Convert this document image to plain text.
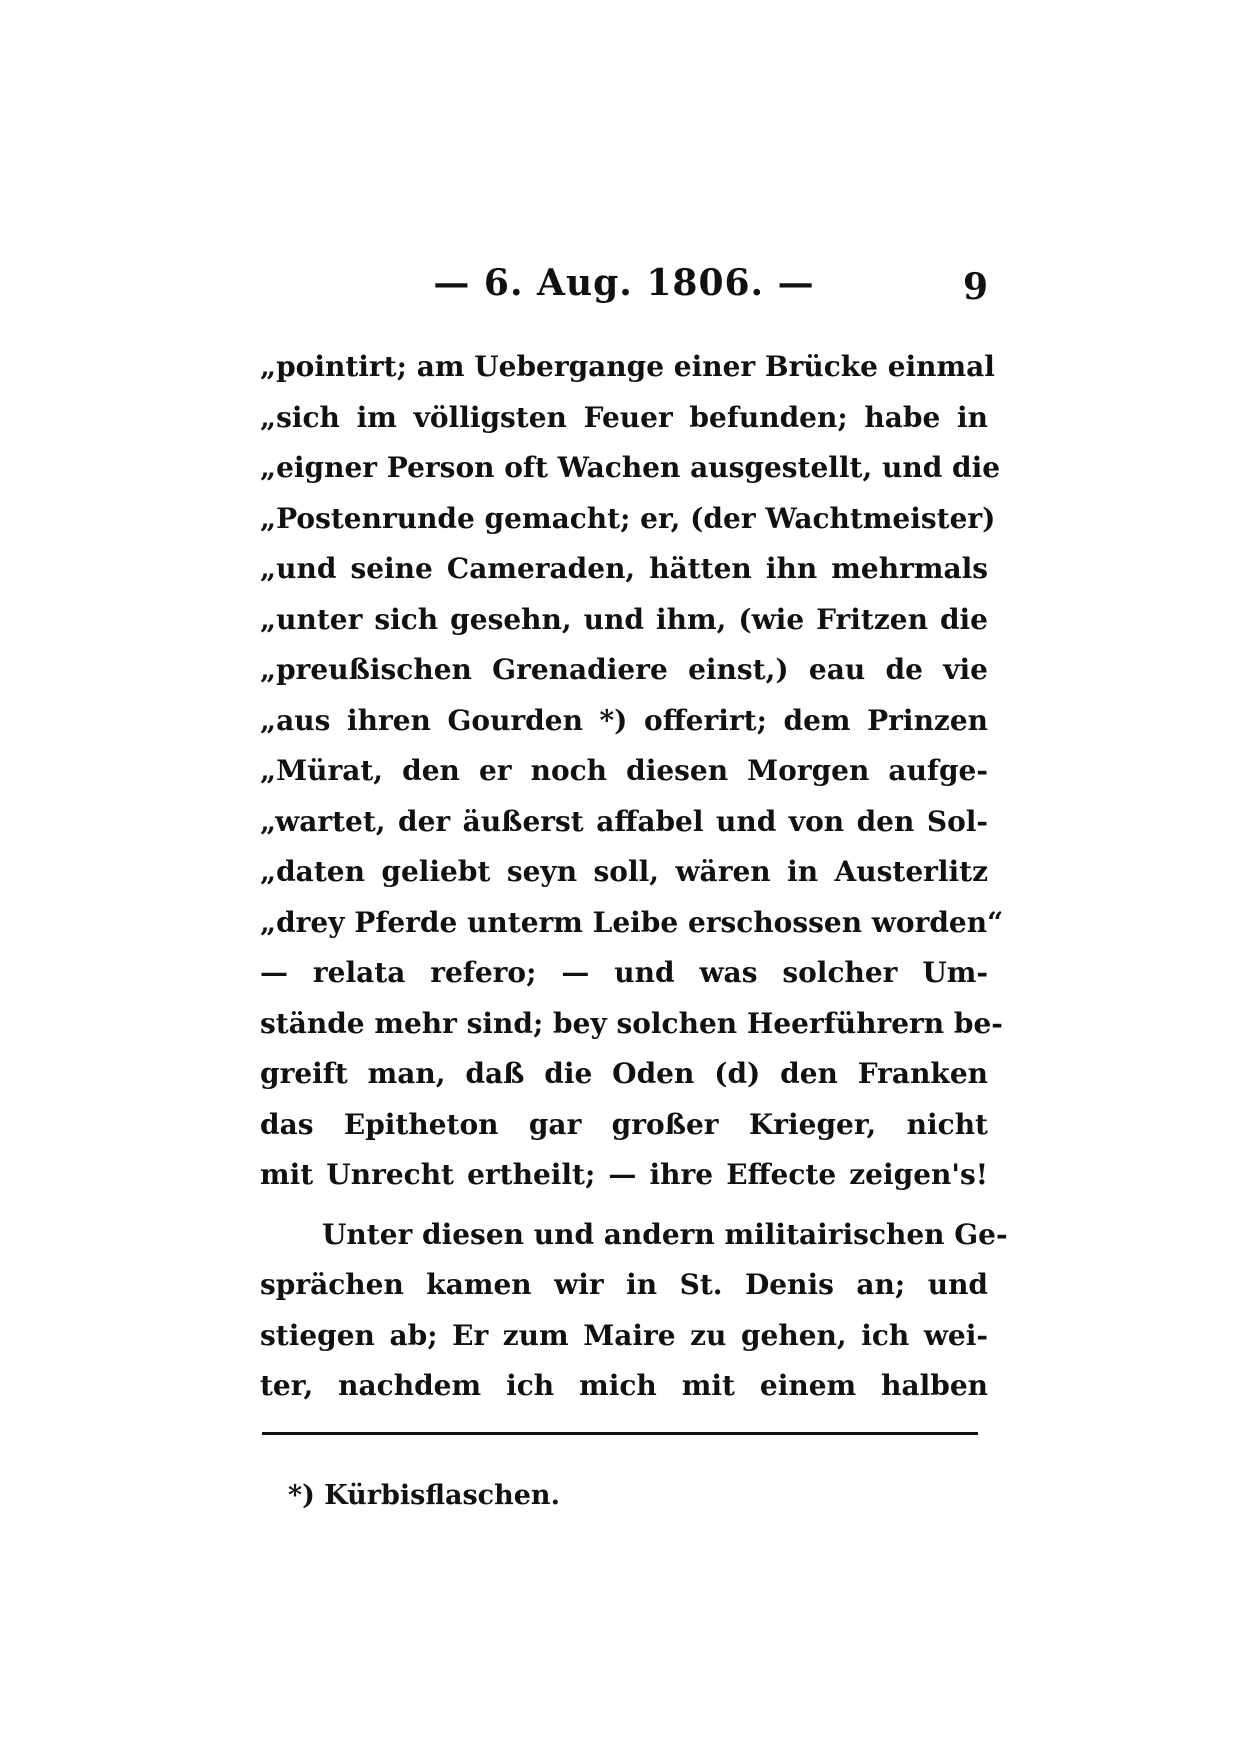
— 6. Aug. 1806. —	9
„pointirt; am Uebergange einer Brücke einmal
„sich im völligsten Feuer befunden; habe in
„eigner Person oft Wachen ausgestellt, und die
„Postenrunde gemacht; er, (der Wachtmeister)
„und seine Cameraden, hätten ihn mehrmals
„unter sich gesehn, und ihm, (wie Fritzen die
„preußischen Grenadiere einst,) eau de vie
„aus ihren Gourden *) offerirt; dem Prinzen
„Mürat, den er noch diesen Morgen aufge-
„wartet, der äußerst affabel und von den Sol-
„daten geliebt seyn soll, wären in Austerlitz
„drey Pferde unterm Leibe erschossen worden“
— relata refero; — und was solcher Um-
stände mehr sind; bey solchen Heerführern be-
greift man, daß die Oden (d) den Franken
das Epitheton gar großer Krieger, nicht
mit Unrecht ertheilt; — ihre Effecte zeigen's!
Unter diesen und andern militairischen Ge-
sprächen kamen wir in St. Denis an; und
stiegen ab; Er zum Maire zu gehen, ich wei-
ter, nachdem ich mich mit einem halben
*) Kürbisflaschen.
